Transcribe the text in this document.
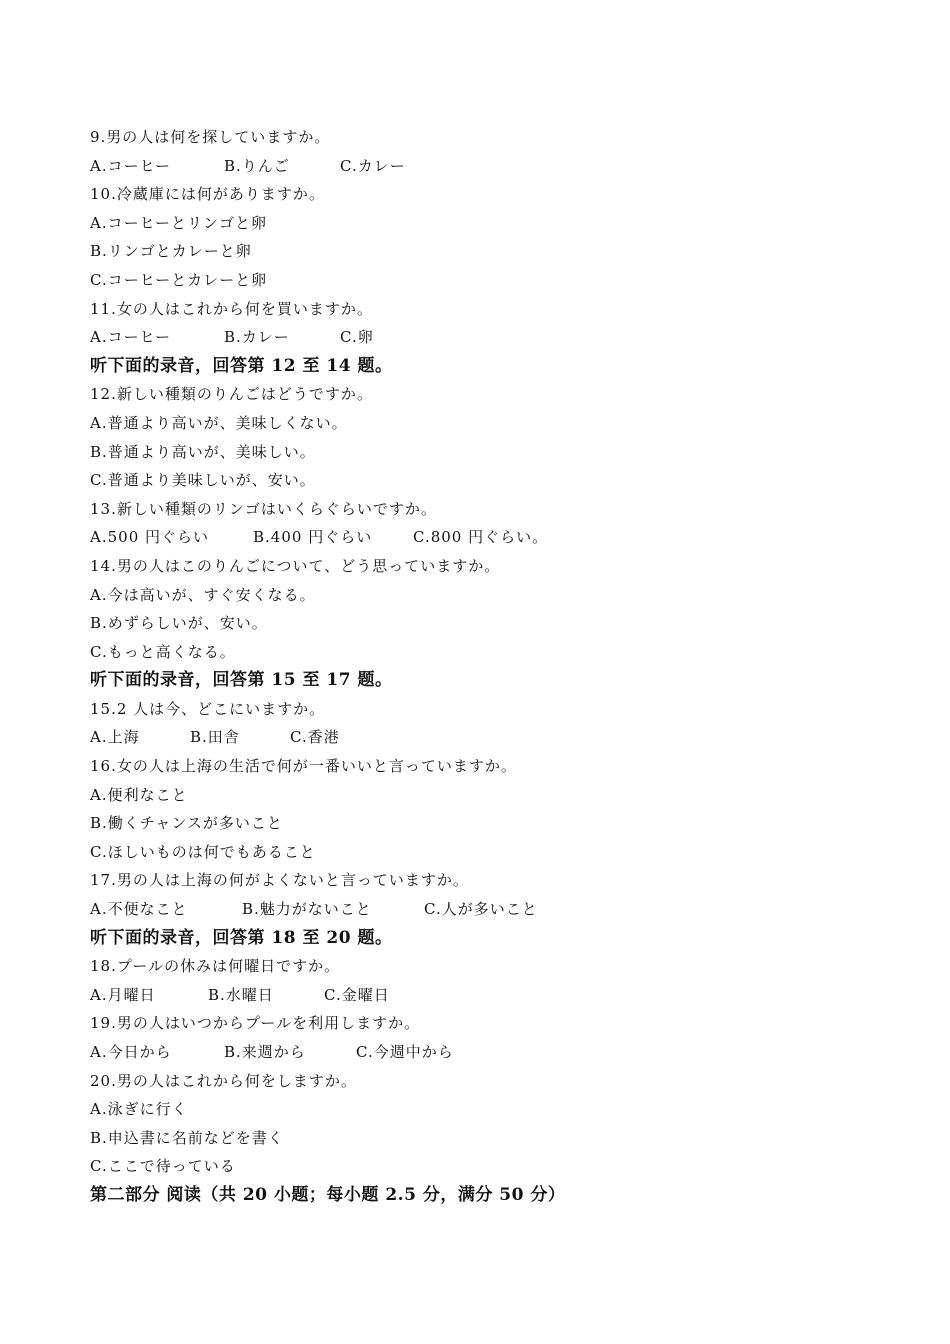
9.男の人は何を探していますか。
A.コーヒー	B.りんご	C.カレー
10.冷蔵庫には何がありますか。
A.コーヒーとリンゴと卵
B.リンゴとカレーと卵
C.コーヒーとカレーと卵
11.女の人はこれから何を買いますか。
A.コーヒー	B.カレー	C.卵
听下面的录音，回答第 12 至 14 题。
12.新しい種類のりんごはどうですか。
A.普通より高いが、美味しくない。
B.普通より高いが、美味しい。
C.普通より美味しいが、安い。
13.新しい種類のリンゴはいくらぐらいですか。
A.500 円ぐらい	B.400 円ぐらい	C.800 円ぐらい。
14.男の人はこのりんごについて、どう思っていますか。
A.今は高いが、すぐ安くなる。
B.めずらしいが、安い。
C.もっと高くなる。
听下面的录音，回答第 15 至 17 题。
15.2 人は今、どこにいますか。
A.上海	B.田舎	C.香港
16.女の人は上海の生活で何が一番いいと言っていますか。
A.便利なこと
B.働くチャンスが多いこと
C.ほしいものは何でもあること
17.男の人は上海の何がよくないと言っていますか。
A.不便なこと	B.魅力がないこと	C.人が多いこと
听下面的录音，回答第 18 至 20 题。
18.プールの休みは何曜日ですか。
A.月曜日	B.水曜日	C.金曜日
19.男の人はいつからプールを利用しますか。
A.今日から	B.来週から	C.今週中から
20.男の人はこれから何をしますか。
A.泳ぎに行く
B.申込書に名前などを書く
C.ここで待っている
第二部分 阅读（共 20 小题；每小题 2.5 分，满分 50 分）
